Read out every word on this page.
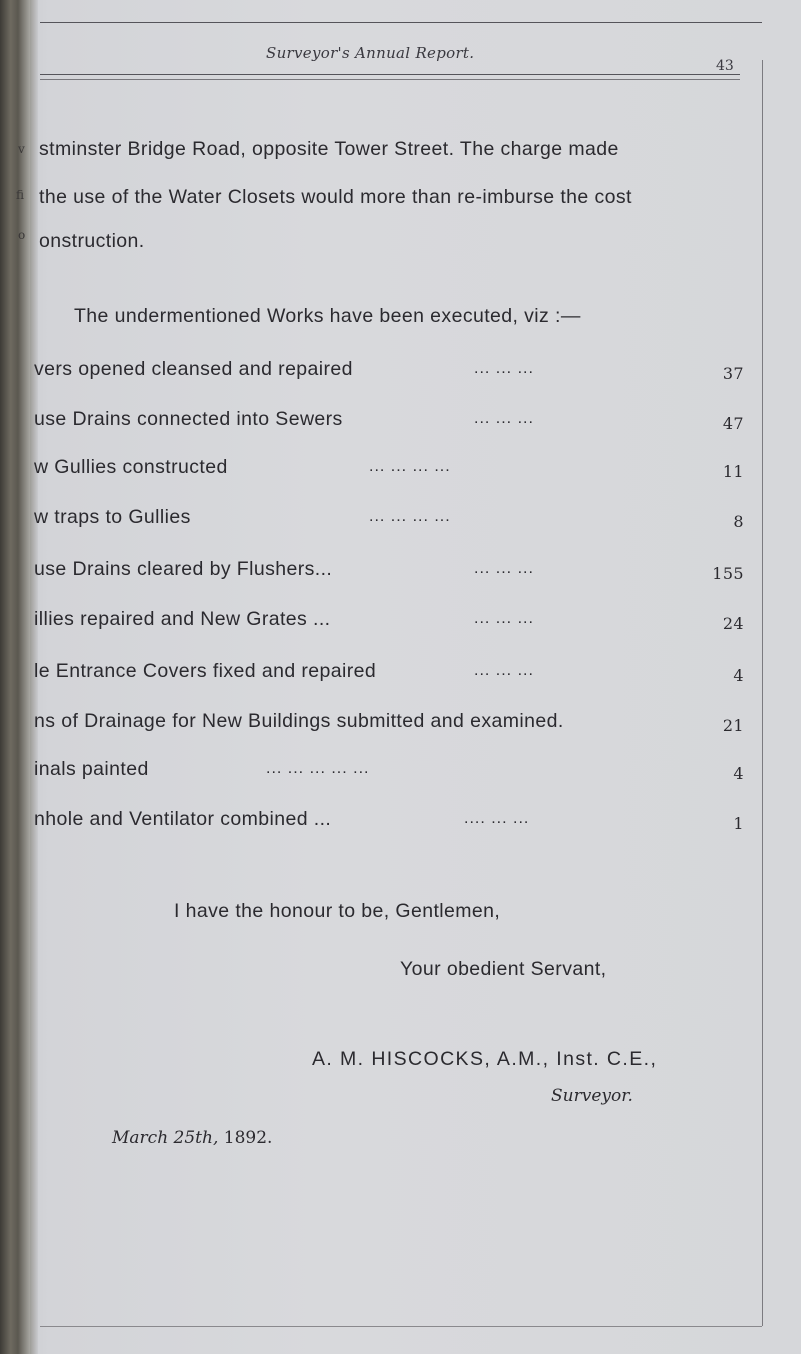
Surveyor's Annual Report.
43
v
fi
o
stminster Bridge Road, opposite Tower Street. The charge made
the use of the Water Closets would more than re-imburse the cost
onstruction.
The undermentioned Works have been executed, viz :—
vers opened cleansed and repaired	... ... ...	37
use Drains connected into Sewers	... ... ...	47
w Gullies constructed	... ... ... ...	11
w traps to Gullies	... ... ... ...	8
use Drains cleared by Flushers...	... ... ...	155
illies repaired and New Grates ...	... ... ...	24
le Entrance Covers fixed and repaired	... ... ...	4
ns of Drainage for New Buildings submitted and examined.	21
inals painted	... ... ... ... ...	4
nhole and Ventilator combined ...	.... ... ...	1
I have the honour to be, Gentlemen,
Your obedient Servant,
A. M. HISCOCKS, A.M., Inst. C.E.,
Surveyor.
March 25th, 1892.
